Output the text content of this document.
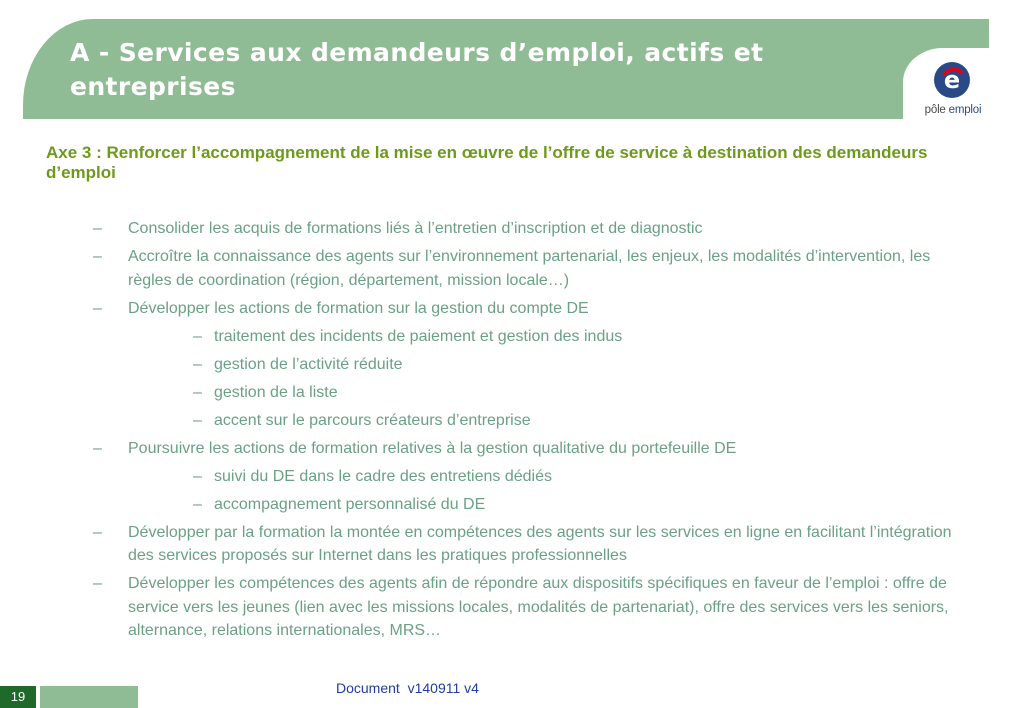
A - Services aux demandeurs d’emploi, actifs et
entreprises	e
pôle emploi

Axe 3 : Renforcer l’accompagnement de la mise en œuvre de l’offre de service à destination des demandeurs d’emploi

– Consolider les acquis de formations liés à l’entretien d’inscription et de diagnostic
– Accroître la connaissance des agents sur l’environnement partenarial, les enjeux, les modalités d’intervention, les règles de coordination (région, département, mission locale…)
– Développer les actions de formation sur la gestion du compte DE
– traitement des incidents de paiement et gestion des indus
– gestion de l’activité réduite
– gestion de la liste
– accent sur le parcours créateurs d’entreprise
– Poursuivre les actions de formation relatives à la gestion qualitative du portefeuille DE
– suivi du DE dans le cadre des entretiens dédiés
– accompagnement personnalisé du DE
– Développer par la formation la montée en compétences des agents sur les services en ligne en facilitant l’intégration des services proposés sur Internet dans les pratiques professionnelles
– Développer les compétences des agents afin de répondre aux dispositifs spécifiques en faveur de l’emploi : offre de service vers les jeunes (lien avec les missions locales, modalités de partenariat), offre des services vers les seniors, alternance, relations internationales, MRS…
19
Document  v140911 v4
